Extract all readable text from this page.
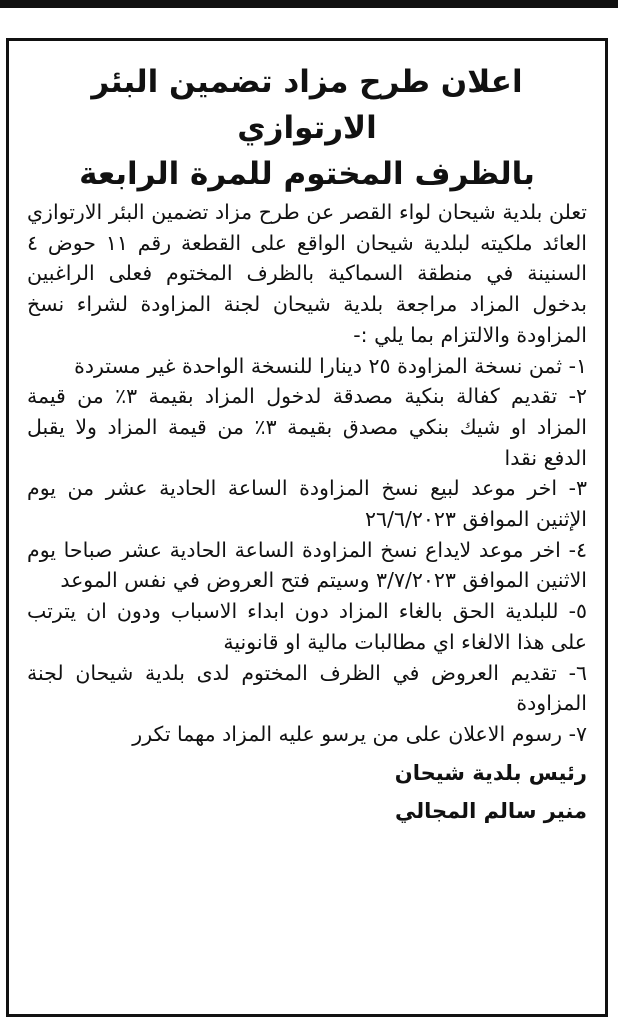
اعلان طرح مزاد تضمين البئر الارتوازي
بالظرف المختوم للمرة الرابعة

تعلن بلدية شيحان لواء القصر عن طرح مزاد تضمين البئر الارتوازي العائد ملكيته لبلدية شيحان الواقع على القطعة رقم ١١ حوض ٤ السنينة في منطقة السماكية بالظرف المختوم فعلى الراغبين بدخول المزاد مراجعة بلدية شيحان لجنة المزاودة لشراء نسخ المزاودة والالتزام بما يلي :-

١- ثمن نسخة المزاودة ٢٥ دينارا للنسخة الواحدة غير مستردة

٢- تقديم كفالة بنكية مصدقة لدخول المزاد بقيمة ٣٪ من قيمة المزاد او شيك بنكي مصدق بقيمة ٣٪ من قيمة المزاد ولا يقبل الدفع نقدا

٣- اخر موعد لبيع نسخ المزاودة الساعة الحادية عشر من يوم الإثنين الموافق ٢٦/٦/٢٠٢٣

٤- اخر موعد لايداع نسخ المزاودة الساعة الحادية عشر صباحا يوم الاثنين الموافق ٣/٧/٢٠٢٣ وسيتم فتح العروض في نفس الموعد

٥- للبلدية الحق بالغاء المزاد دون ابداء الاسباب ودون ان يترتب على هذا الالغاء اي مطالبات مالية او قانونية

٦- تقديم العروض في الظرف المختوم لدى بلدية شيحان لجنة المزاودة

٧- رسوم الاعلان على من يرسو عليه المزاد مهما تكرر

رئيس بلدية شيحان
منير سالم المجالي
